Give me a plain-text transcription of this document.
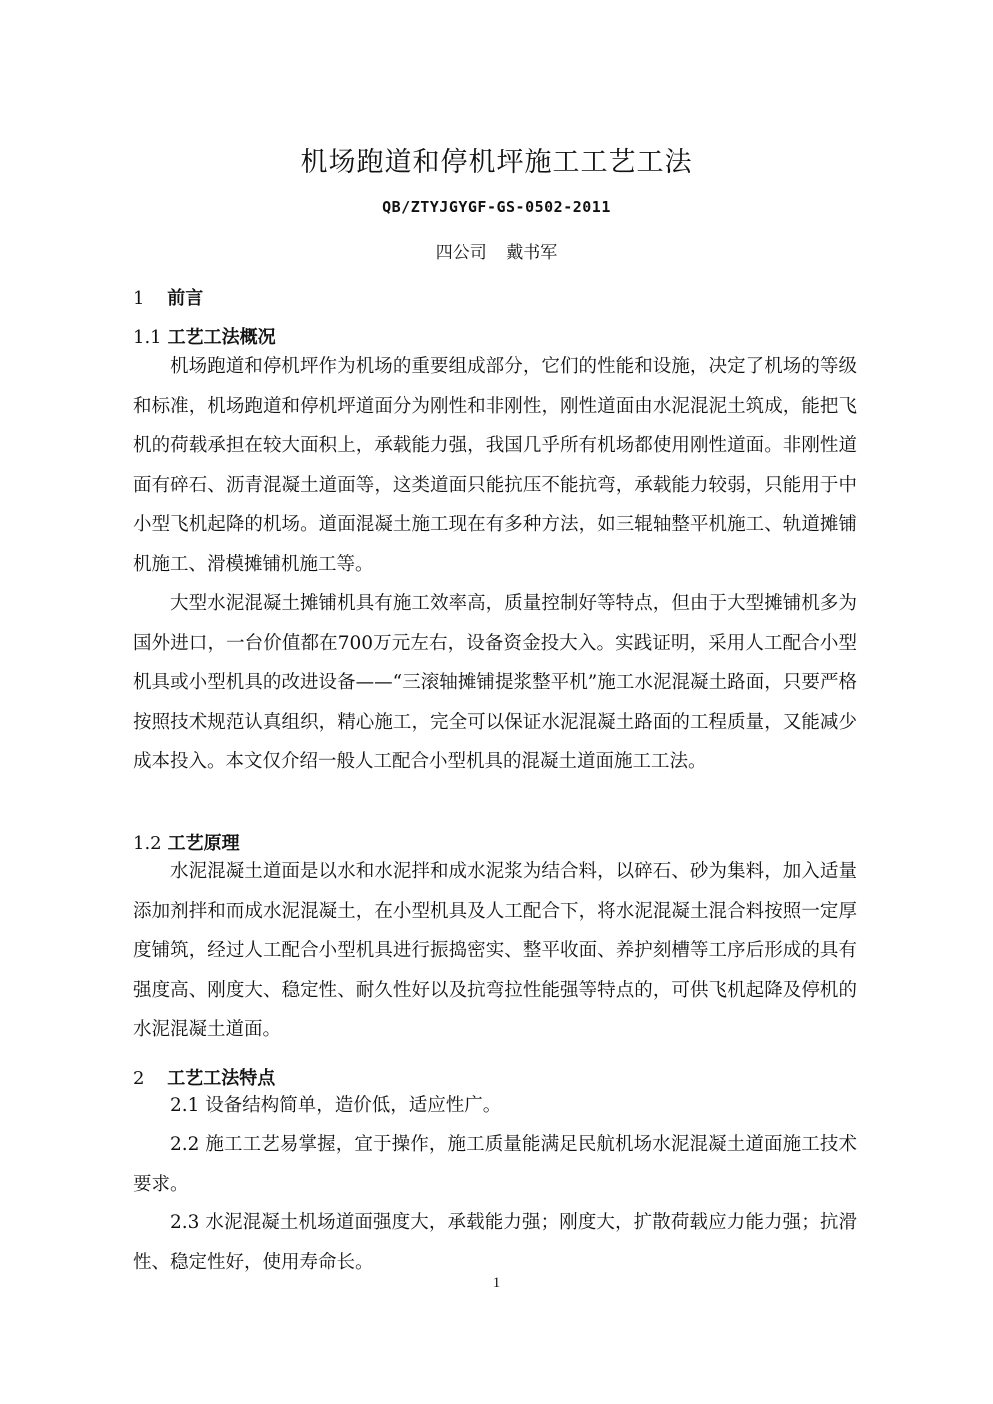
机场跑道和停机坪施工工艺工法
QB/ZTYJGYGF-GS-0502-2011
四公司 戴书军
1 前言
1.1 工艺工法概况

机场跑道和停机坪作为机场的重要组成部分，它们的性能和设施，决定了机场的等级和标准，机场跑道和停机坪道面分为刚性和非刚性，刚性道面由水泥混泥土筑成，能把飞机的荷载承担在较大面积上，承载能力强，我国几乎所有机场都使用刚性道面。非刚性道面有碎石、沥青混凝土道面等，这类道面只能抗压不能抗弯，承载能力较弱，只能用于中小型飞机起降的机场。道面混凝土施工现在有多种方法，如三辊轴整平机施工、轨道摊铺机施工、滑模摊铺机施工等。

大型水泥混凝土摊铺机具有施工效率高，质量控制好等特点，但由于大型摊铺机多为国外进口，一台价值都在700万元左右，设备资金投大入。实践证明，采用人工配合小型机具或小型机具的改进设备——“三滚轴摊铺提浆整平机”施工水泥混凝土路面，只要严格按照技术规范认真组织，精心施工，完全可以保证水泥混凝土路面的工程质量，又能减少成本投入。本文仅介绍一般人工配合小型机具的混凝土道面施工工法。

1.2 工艺原理

水泥混凝土道面是以水和水泥拌和成水泥浆为结合料，以碎石、砂为集料，加入适量添加剂拌和而成水泥混凝土，在小型机具及人工配合下，将水泥混凝土混合料按照一定厚度铺筑，经过人工配合小型机具进行振捣密实、整平收面、养护刻槽等工序后形成的具有强度高、刚度大、稳定性、耐久性好以及抗弯拉性能强等特点的，可供飞机起降及停机的水泥混凝土道面。

2 工艺工法特点

2.1 设备结构简单，造价低，适应性广。

2.2 施工工艺易掌握，宜于操作，施工质量能满足民航机场水泥混凝土道面施工技术要求。

2.3 水泥混凝土机场道面强度大，承载能力强；刚度大，扩散荷载应力能力强；抗滑性、稳定性好，使用寿命长。

1
